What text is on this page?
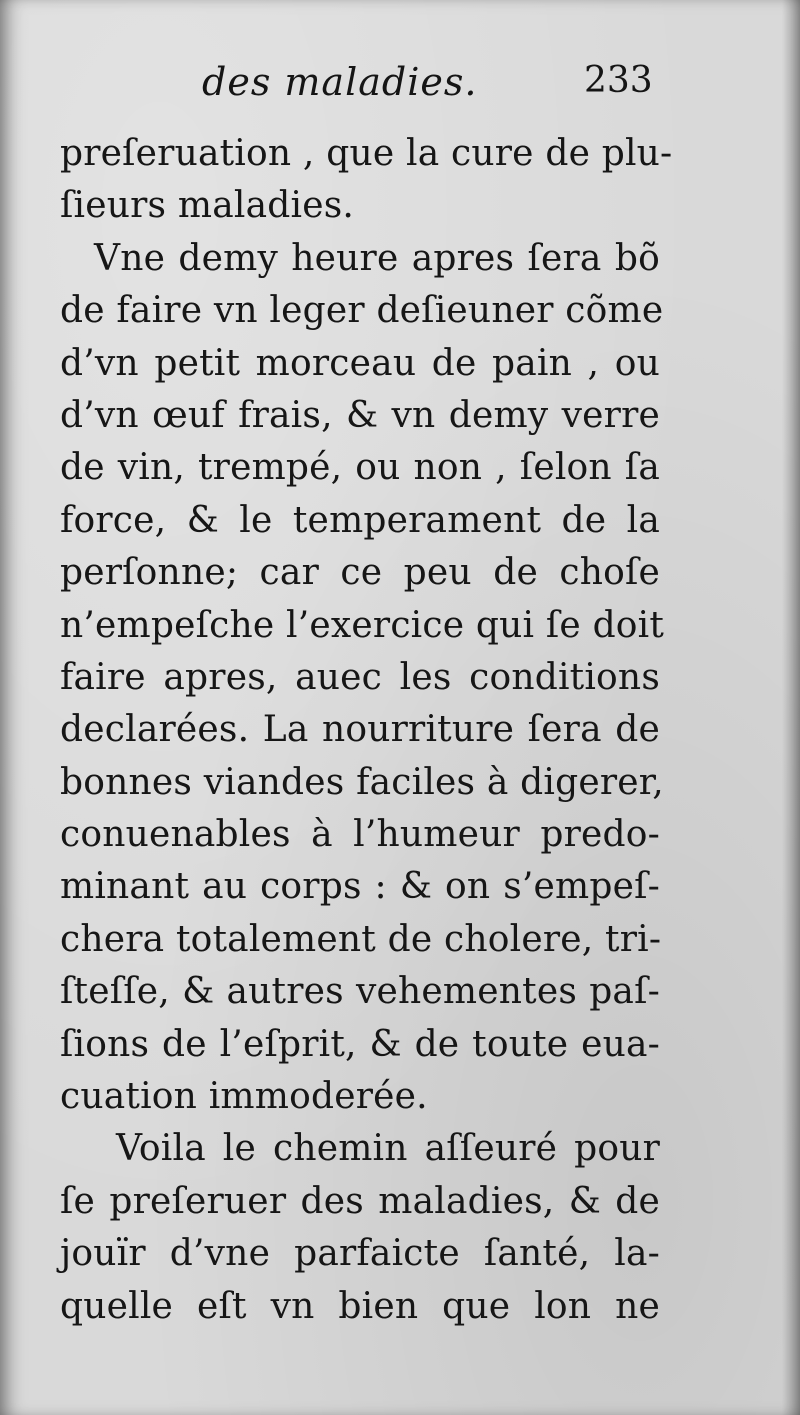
des maladies.	233
preſeruation , que la cure de plu-
ſieurs maladies.
Vne demy heure apres ſera bõ
de faire vn leger deſieuner cõme
d’vn petit morceau de pain , ou
d’vn œuf frais, & vn demy verre
de vin, trempé, ou non , ſelon ſa
force, & le temperament de la
perſonne; car ce peu de choſe
n’empeſche l’exercice qui ſe doit
faire apres, auec les conditions
declarées. La nourriture ſera de
bonnes viandes faciles à digerer,
conuenables à l’humeur predo-
minant au corps : & on s’empeſ-
chera totalement de cholere, tri-
ſteſſe, & autres vehementes paſ-
ſions de l’eſprit, & de toute eua-
cuation immoderée.
Voila le chemin aſſeuré pour
ſe preſeruer des maladies, & de
jouïr d’vne parfaicte ſanté, la-
quelle eſt vn bien que lon ne
